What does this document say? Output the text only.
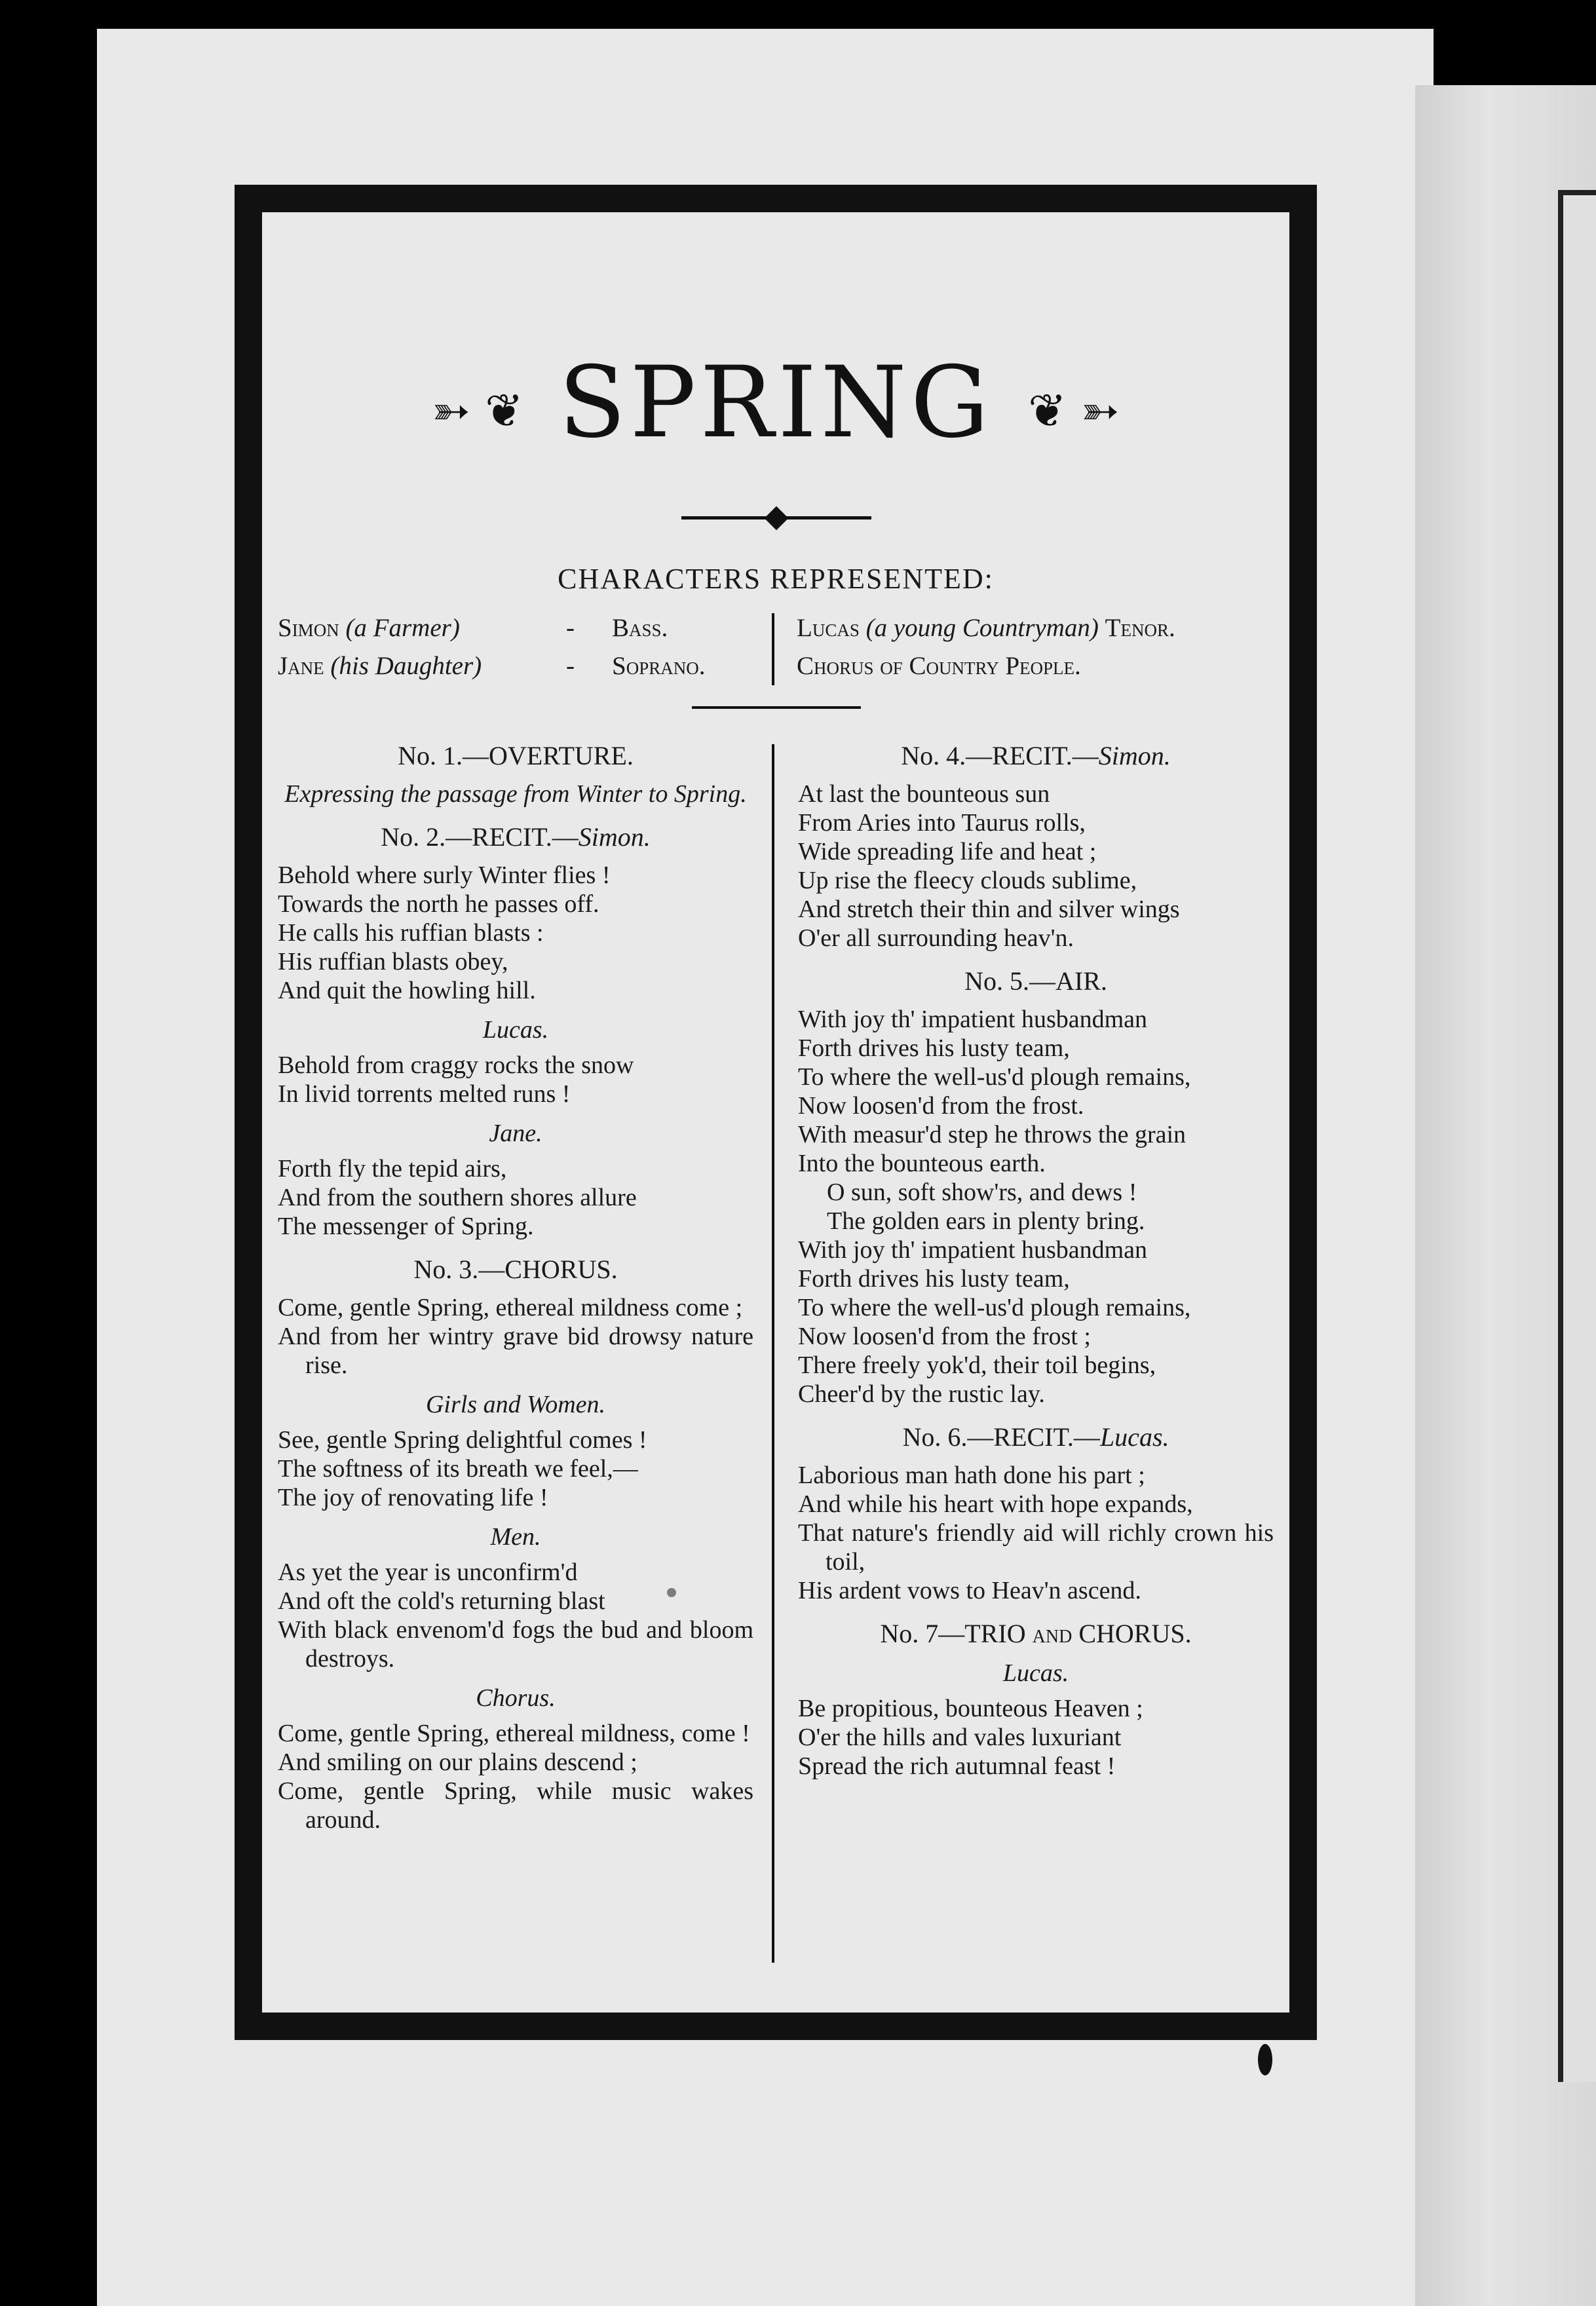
➳ ❦ SPRING ❦ ➳
CHARACTERS REPRESENTED:
Simon (a Farmer)	-	Bass.
Jane (his Daughter)	-	Soprano.
Lucas (a young Countryman) Tenor.
Chorus of Country People.

No. 1.—OVERTURE.

Expressing the passage from Winter to Spring.

No. 2.—RECIT.—Simon.

Behold where surly Winter flies !

Towards the north he passes off.

He calls his ruffian blasts :

His ruffian blasts obey,

And quit the howling hill.

Lucas.

Behold from craggy rocks the snow

In livid torrents melted runs !

Jane.

Forth fly the tepid airs,

And from the southern shores allure

The messenger of Spring.

No. 3.—CHORUS.

Come, gentle Spring, ethereal mildness come ;

And from her wintry grave bid drowsy nature rise.

Girls and Women.

See, gentle Spring delightful comes !

The softness of its breath we feel,—

The joy of renovating life !

Men.

As yet the year is unconfirm'd

And oft the cold's returning blast

With black envenom'd fogs the bud and bloom destroys.

Chorus.

Come, gentle Spring, ethereal mildness, come !

And smiling on our plains descend ;

Come, gentle Spring, while music wakes around.

No. 4.—RECIT.—Simon.

At last the bounteous sun

From Aries into Taurus rolls,

Wide spreading life and heat ;

Up rise the fleecy clouds sublime,

And stretch their thin and silver wings

O'er all surrounding heav'n.

No. 5.—AIR.

With joy th' impatient husbandman

Forth drives his lusty team,

To where the well-us'd plough remains,

Now loosen'd from the frost.

With measur'd step he throws the grain

Into the bounteous earth.

O sun, soft show'rs, and dews !

The golden ears in plenty bring.

With joy th' impatient husbandman

Forth drives his lusty team,

To where the well-us'd plough remains,

Now loosen'd from the frost ;

There freely yok'd, their toil begins,

Cheer'd by the rustic lay.

No. 6.—RECIT.—Lucas.

Laborious man hath done his part ;

And while his heart with hope expands,

That nature's friendly aid will richly crown his toil,

His ardent vows to Heav'n ascend.

No. 7—TRIO and CHORUS.

Lucas.

Be propitious, bounteous Heaven ;

O'er the hills and vales luxuriant

Spread the rich autumnal feast !
